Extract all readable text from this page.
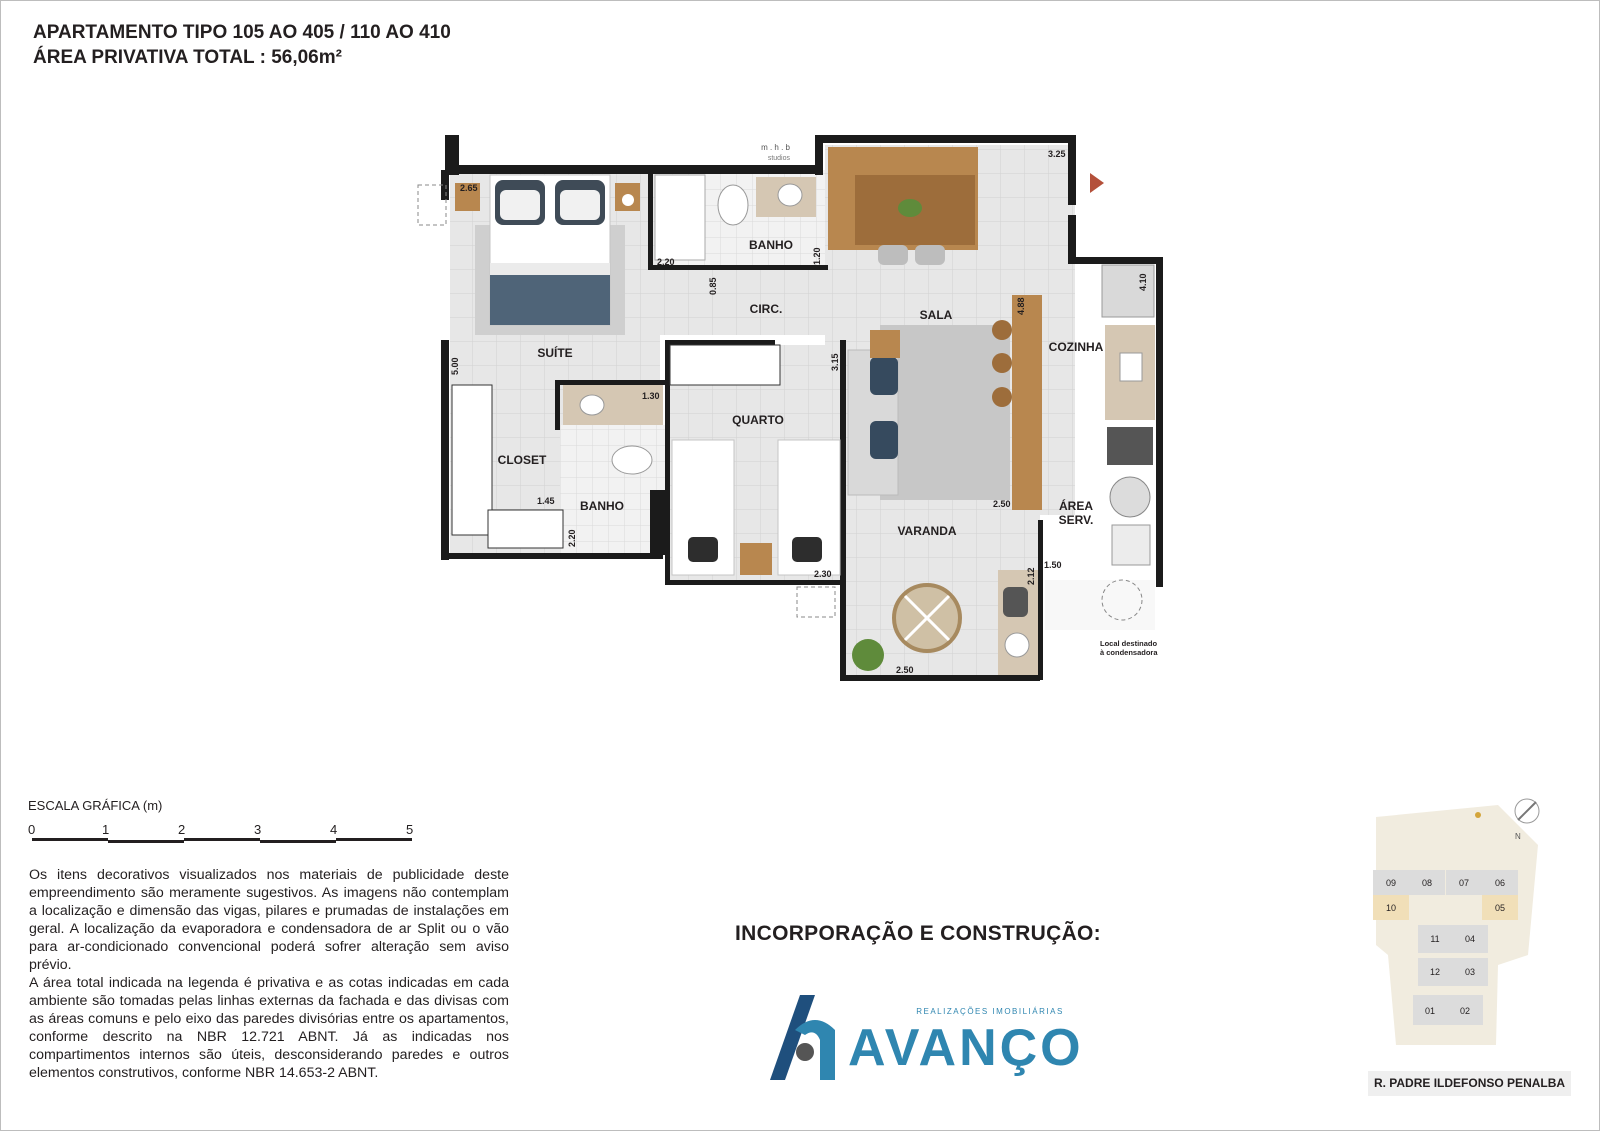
APARTAMENTO TIPO 105 AO 405 / 110 AO 410
ÁREA PRIVATIVA TOTAL : 56,06m²
m . h . b
studios
SUÍTE
CLOSET
BANHO
BANHO
CIRC.
QUARTO
SALA
COZINHA
ÁREA
SERV.
VARANDA
2.65
5.00
1.45
1.30
2.20
2.20	1.20
0.85
3.15
2.30
3.25
4.10
4.88
2.50
2.50
1.50
2.12
Local destinado
à condensadora
ESCALA GRÁFICA (m)
0	1	2	3	4	5

Os itens decorativos visualizados nos materiais de publicidade deste empreendimento são meramente sugestivos. As imagens não contemplam a localização e dimensão das vigas, pilares e prumadas de instalações em geral. A localização da evaporadora e condensadora de ar Split ou o vão para ar-condicionado convencional poderá sofrer alteração sem aviso prévio.

A área total indicada na legenda é privativa e as cotas indicadas em cada ambiente são tomadas pelas linhas externas da fachada e das divisas com as áreas comuns e pelo eixo das paredes divisórias entre os apartamentos, conforme descrito na NBR 12.721 ABNT. Já as indicadas nos compartimentos internos são úteis, desconsiderando paredes e outros elementos construtivos, conforme NBR 14.653-2 ABNT.

INCORPORAÇÃO E CONSTRUÇÃO:
REALIZAÇÕES IMOBILIÁRIAS
AVANÇO
N
09	08	07	06
10	05
11	04
12	03
01	02
R. PADRE ILDEFONSO PENALBA
